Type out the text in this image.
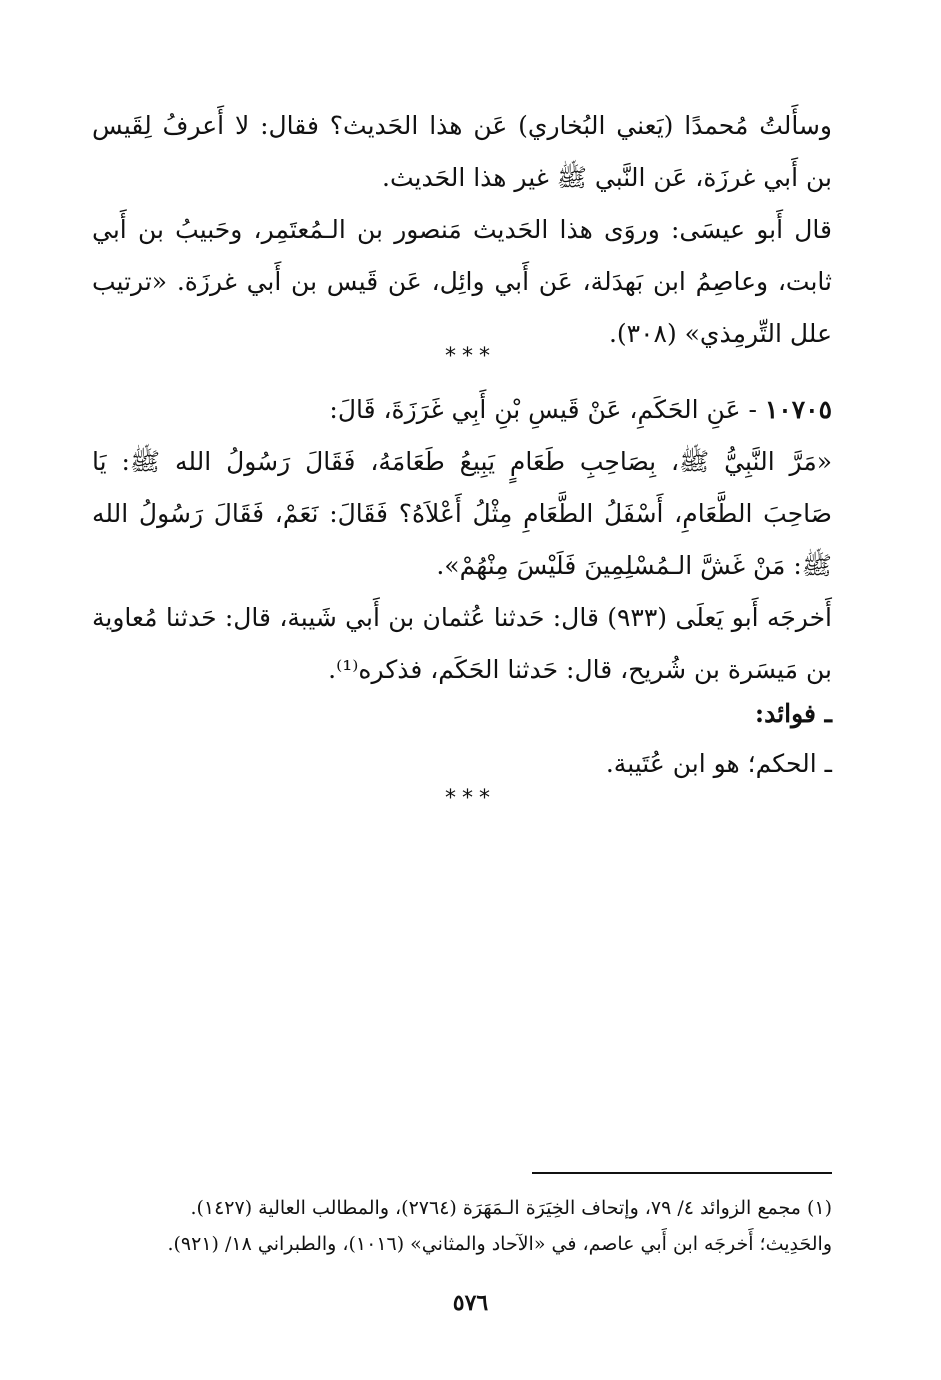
وسأَلتُ مُحمدًا (يَعني البُخاري) عَن هذا الحَديث؟ فقال: لا أَعرفُ لِقَيس بن أَبي غرزَة، عَن النَّبي ﷺ غير هذا الحَديث.

قال أَبو عيسَى: وروَى هذا الحَديث مَنصور بن الـمُعتَمِر، وحَبيبُ بن أَبي ثابت، وعاصِمُ ابن بَهدَلة، عَن أَبي وائِل، عَن قَيس بن أَبي غرزَة. «ترتيب علل التِّرمِذي» (٣٠٨).

***

١٠٧٠٥ - عَنِ الحَكَمِ، عَنْ قَيسِ بْنِ أَبِي غَرَزَةَ، قَالَ:

«مَرَّ النَّبِيُّ ﷺ، بِصَاحِبِ طَعَامٍ يَبِيعُ طَعَامَهُ، فَقَالَ رَسُولُ الله ﷺ: يَا صَاحِبَ الطَّعَامِ، أَسْفَلُ الطَّعَامِ مِثْلُ أَعْلاَهُ؟ فَقَالَ: نَعَمْ، فَقَالَ رَسُولُ الله ﷺ: مَنْ غَشَّ الـمُسْلِمِينَ فَلَيْسَ مِنْهُمْ».

أَخرجَه أَبو يَعلَى (٩٣٣) قال: حَدثنا عُثمان بن أَبي شَيبة، قال: حَدثنا مُعاوية بن مَيسَرة بن شُريح، قال: حَدثنا الحَكَم، فذكره⁽¹⁾.

ـ فوائد:

ـ الحكم؛ هو ابن عُتَيبة.

***

(١) مجمع الزوائد ٤/ ٧٩، وإتحاف الخِيَرَة الـمَهَرَة (٢٧٦٤)، والمطالب العالية (١٤٢٧).

والحَدِيث؛ أَخرجَه ابن أَبي عاصم، في «الآحاد والمثاني» (١٠١٦)، والطبراني ١٨/ (٩٢١).

٥٧٦
